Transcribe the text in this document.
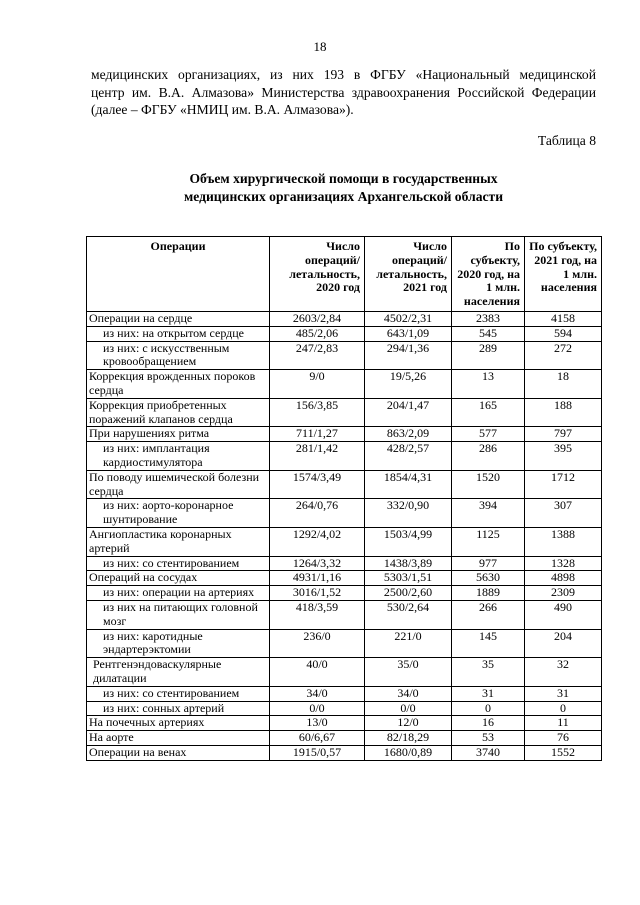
18

медицинских организациях, из них 193 в ФГБУ «Национальный медицинской
центр им. В.А. Алмазова» Министерства здравоохранения Российской Федерации
(далее – ФГБУ «НМИЦ им. В.А. Алмазова»).

Таблица 8
Объем хирургической помощи в государственных
медицинских организациях Архангельской области
Операции	Число операций/ летальность, 2020 год	Число операций/ летальность, 2021 год	По субъекту, 2020 год, на 1 млн. населения	По субъекту, 2021 год, на 1 млн. населения
Операции на сердце	2603/2,84	4502/2,31	2383	4158
из них: на открытом сердце	485/2,06	643/1,09	545	594
из них: с искусственным кровообращением	247/2,83	294/1,36	289	272
Коррекция врожденных пороков сердца	9/0	19/5,26	13	18
Коррекция приобретенных поражений клапанов сердца	156/3,85	204/1,47	165	188
При нарушениях ритма	711/1,27	863/2,09	577	797
из них: имплантация кардиостимулятора	281/1,42	428/2,57	286	395
По поводу ишемической болезни сердца	1574/3,49	1854/4,31	1520	1712
из них: аорто-коронарное шунтирование	264/0,76	332/0,90	394	307
Ангиопластика коронарных артерий	1292/4,02	1503/4,99	1125	1388
из них: со стентированием	1264/3,32	1438/3,89	977	1328
Операций на сосудах	4931/1,16	5303/1,51	5630	4898
из них: операции на артериях	3016/1,52	2500/2,60	1889	2309
из них на питающих головной мозг	418/3,59	530/2,64	266	490
из них: каротидные эндартерэктомии	236/0	221/0	145	204
Рентгенэндоваскулярные дилатации	40/0	35/0	35	32
из них: со стентированием	34/0	34/0	31	31
из них: сонных артерий	0/0	0/0	0	0
На почечных артериях	13/0	12/0	16	11
На аорте	60/6,67	82/18,29	53	76
Операции на венах	1915/0,57	1680/0,89	3740	1552
